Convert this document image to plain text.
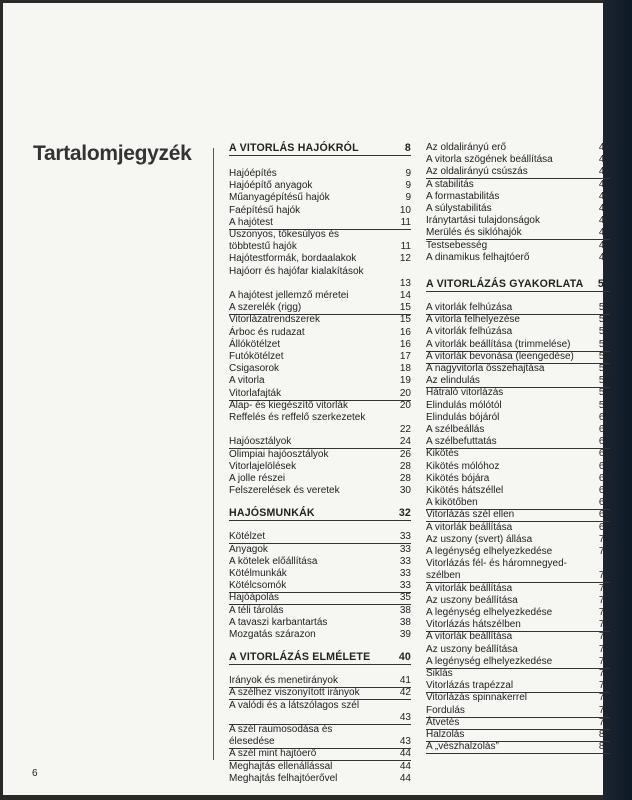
Tartalomjegyzék
6
A VITORLÁS HAJÓKRÓL	8
Hajóépítés	9
Hajóépítő anyagok	9
Műanyagépítésű hajók	9
Faépítésű hajók	10
A hajótest	11
Uszonyos, tőkesúlyos és többtestű hajók	11
Hajótestformák, bordaalakok	12
Hajóorr és hajófar kialakítások
13
A hajótest jellemző méretei	14
A szerelék (rigg)	15
Vitorlázatrendszerek	15
Árboc és rudazat	16
Állókötélzet	16
Futókötélzet	17
Csigasorok	18
A vitorla	19
Vitorlafajták	20
Alap- és kiegészítő vitorlák	20
Reffelés és reffelő szerkezetek
22
Hajóosztályok	24
Olimpiai hajóosztályok	26
Vitorlajelölések	28
A jolle részei	28
Felszerelések és veretek	30
HAJÓSMUNKÁK	32
Kötélzet	33
Anyagok	33
A kötelek előállítása	33
Kötélmunkák	33
Kötélcsomók	33
Hajóápolás	35
A téli tárolás	38
A tavaszi karbantartás	38
Mozgatás szárazon	39
A VITORLÁZÁS ELMÉLETE	40
Irányok és menetirányok	41
A szélhez viszonyított irányok	42
A valódi és a látszólagos szél
43
A szél raumosodása és élesedése	43
A szél mint hajtóerő	44
Meghajtás ellenállással	44
Meghajtás felhajtóerővel	44
Az oldalirányú erő	45
A vitorla szögének beállítása	45
Az oldalirányú csúszás	46
A stabilitás	46
A formastabilitás	46
A súlystabilitás	47
Iránytartási tulajdonságok	48
Merülés és siklóhajók	49
Testsebesség	49
A dinamikus felhajtóerő	49
A VITORLÁZÁS GYAKORLATA 51
A vitorlák felhúzása	52
A vitorla felhelyezése	52
A vitorlák felhúzása	53
A vitorlák beállítása (trimmelése)	53
A vitorlák bevonása (leengedése)	55
A nagyvitorla összehajtása	57
Az elindulás	58
Hátraló vitorlázás	58
Elindulás mólótól	58
Elindulás bójáról	60
A szélbeállás	61
A szélbefuttatás	61
Kikötés	62
Kikötés mólóhoz	62
Kikötés bójára	64
Kikötés hátszéllel	66
A kikötőben	67
Vitorlázás szél ellen	68
A vitorlák beállítása	68
Az uszony (svert) állása	70
A legénység elhelyezkedése	71
Vitorlázás fél- és háromnegyed-szélben	71
A vitorlák beállítása	71
Az uszony beállítása	72
A legénység elhelyezkedése	72
Vitorlázás hátszélben	72
A vitorlák beállítása	72
Az uszony beállítása	73
A legénység elhelyezkedése	73
Siklás	73
Vitorlázás trapézzal	74
Vitorlázás spinnakerrel	74
Fordulás	75
Átvetés	78
Halzolás	80
A „vészhalzolás”	82
